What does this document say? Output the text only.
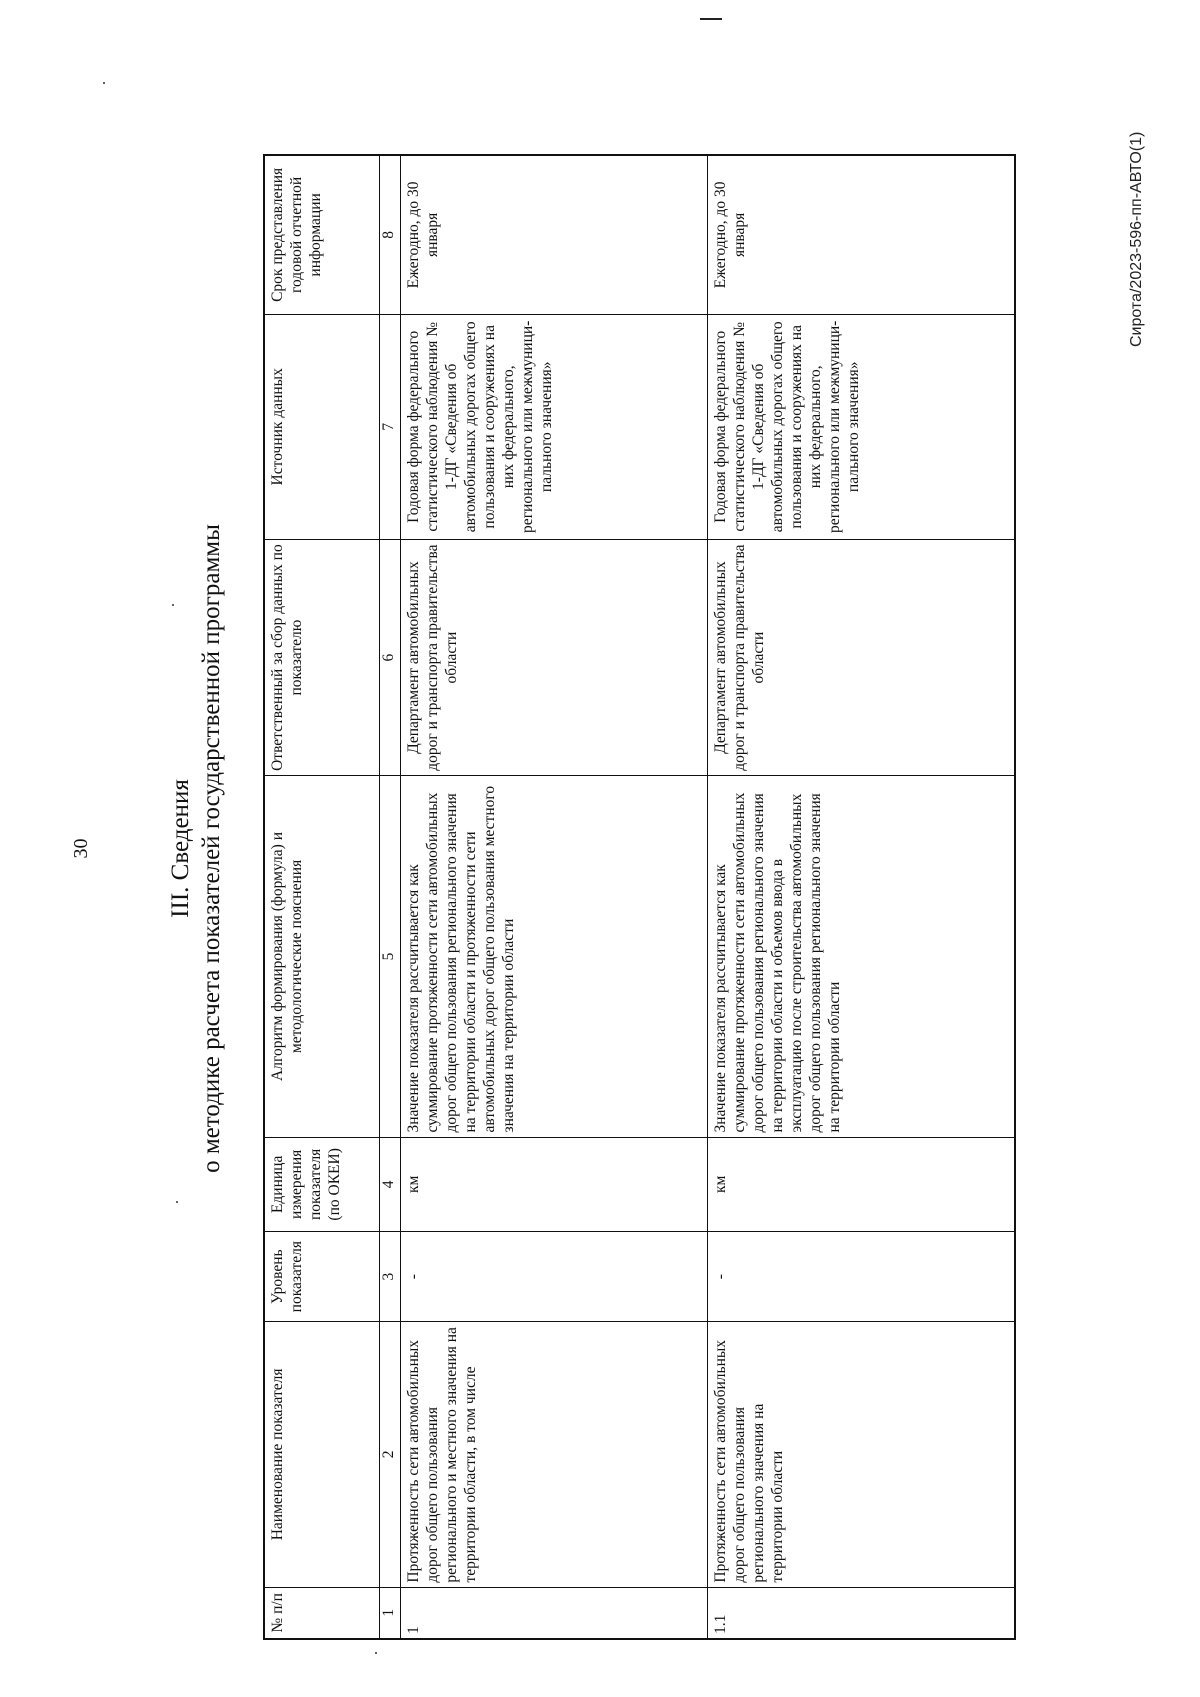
30	III. Сведения о методике расчета показателей государственной программы
№ п/п	Наименование показателя	Уровень показателя	Единица измерения показателя (по ОКЕИ)	Алгоритм формирования (формула) и методологические пояснения	Ответственный за сбор данных по показателю	Источник данных	Срок представления годовой отчетной информации
1	2	3	4	5	6	7	8
1	Протяженность сети автомобильных дорог общего пользования регионального и местного значения на территории области, в том числе	-	км	Значение показателя рассчитывается как суммирование протяженности сети автомобильных дорог общего пользования регионального значения на территории области и протяженности сети автомобильных дорог общего пользования местного значения на территории области	Департамент автомобильных дорог и транспорта правительства области	Годовая форма федерального статистического наблюдения № 1-ДГ «Сведения об автомобильных дорогах общего пользования и сооружениях на них федерального, регионального или межмуници-пального значения»	Ежегодно, до 30 января
1.1	Протяженность сети автомобильных дорог общего пользования регионального значения на территории области	-	км	Значение показателя рассчитывается как суммирование протяженности сети автомобильных дорог общего пользования регионального значения на территории области и объемов ввода в эксплуатацию после строительства автомобильных дорог общего пользования регионального значения на территории области	Департамент автомобильных дорог и транспорта правительства области	Годовая форма федерального статистического наблюдения № 1-ДГ «Сведения об автомобильных дорогах общего пользования и сооружениях на них федерального, регионального или межмуници-пального значения»	Ежегодно, до 30 января	Сирота/2023-596-пп-АВТО(1)
